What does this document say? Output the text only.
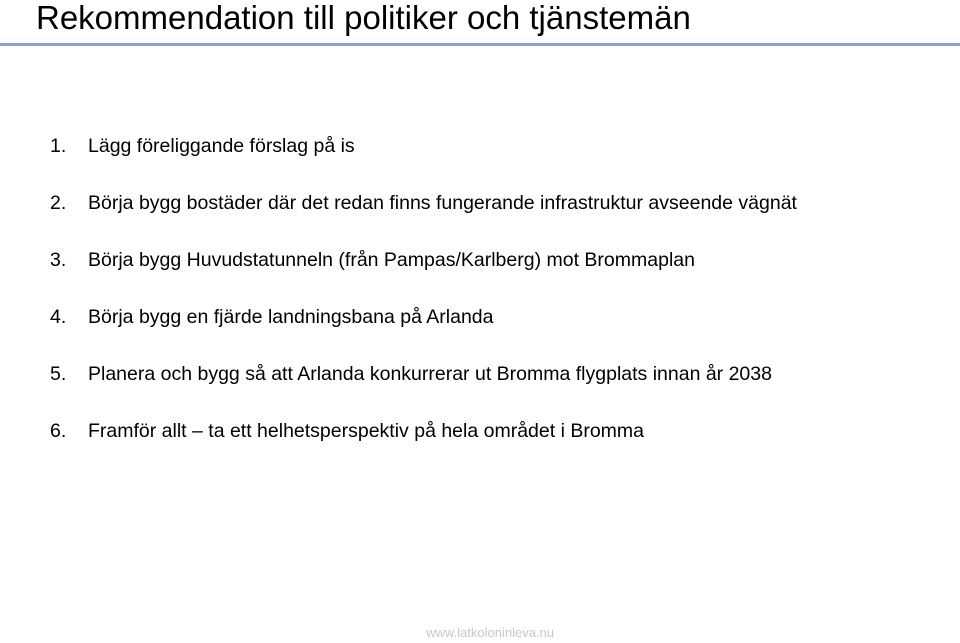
Rekommendation till politiker och tjänstemän
1. Lägg föreliggande förslag på is
2. Börja bygg bostäder där det redan finns fungerande infrastruktur avseende vägnät
3. Börja bygg Huvudstatunneln (från Pampas/Karlberg) mot Brommaplan
4. Börja bygg en fjärde landningsbana på Arlanda
5. Planera och bygg så att Arlanda konkurrerar ut Bromma flygplats innan år 2038
6. Framför allt – ta ett helhetsperspektiv på hela området i Bromma
www.latkoloninleva.nu
